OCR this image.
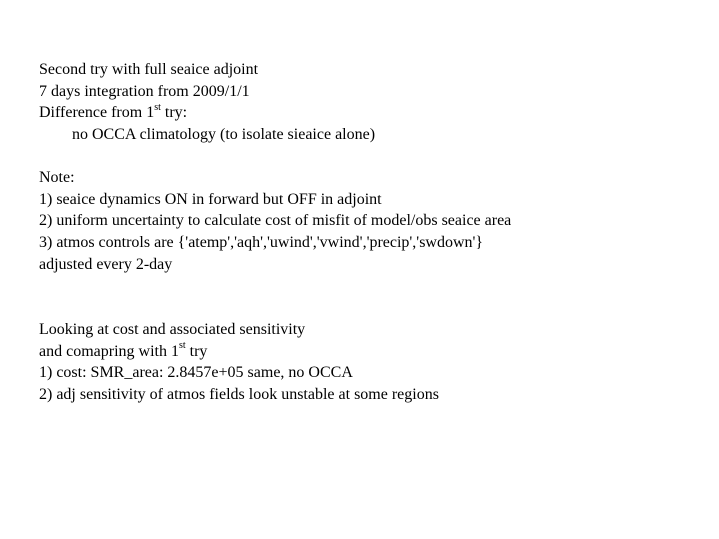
Second try with full seaice adjoint
7 days integration from 2009/1/1
Difference from 1st try:
no OCCA climatology (to isolate sieaice alone)
Note:
1) seaice dynamics ON in forward but OFF in adjoint
2) uniform uncertainty to calculate cost of misfit of model/obs seaice area
3) atmos controls are {'atemp','aqh','uwind','vwind','precip','swdown'}
adjusted every 2-day
Looking at cost and associated sensitivity
and comapring with 1st try
1) cost: SMR_area: 2.8457e+05 same, no OCCA
2) adj sensitivity of atmos fields look unstable at some regions
